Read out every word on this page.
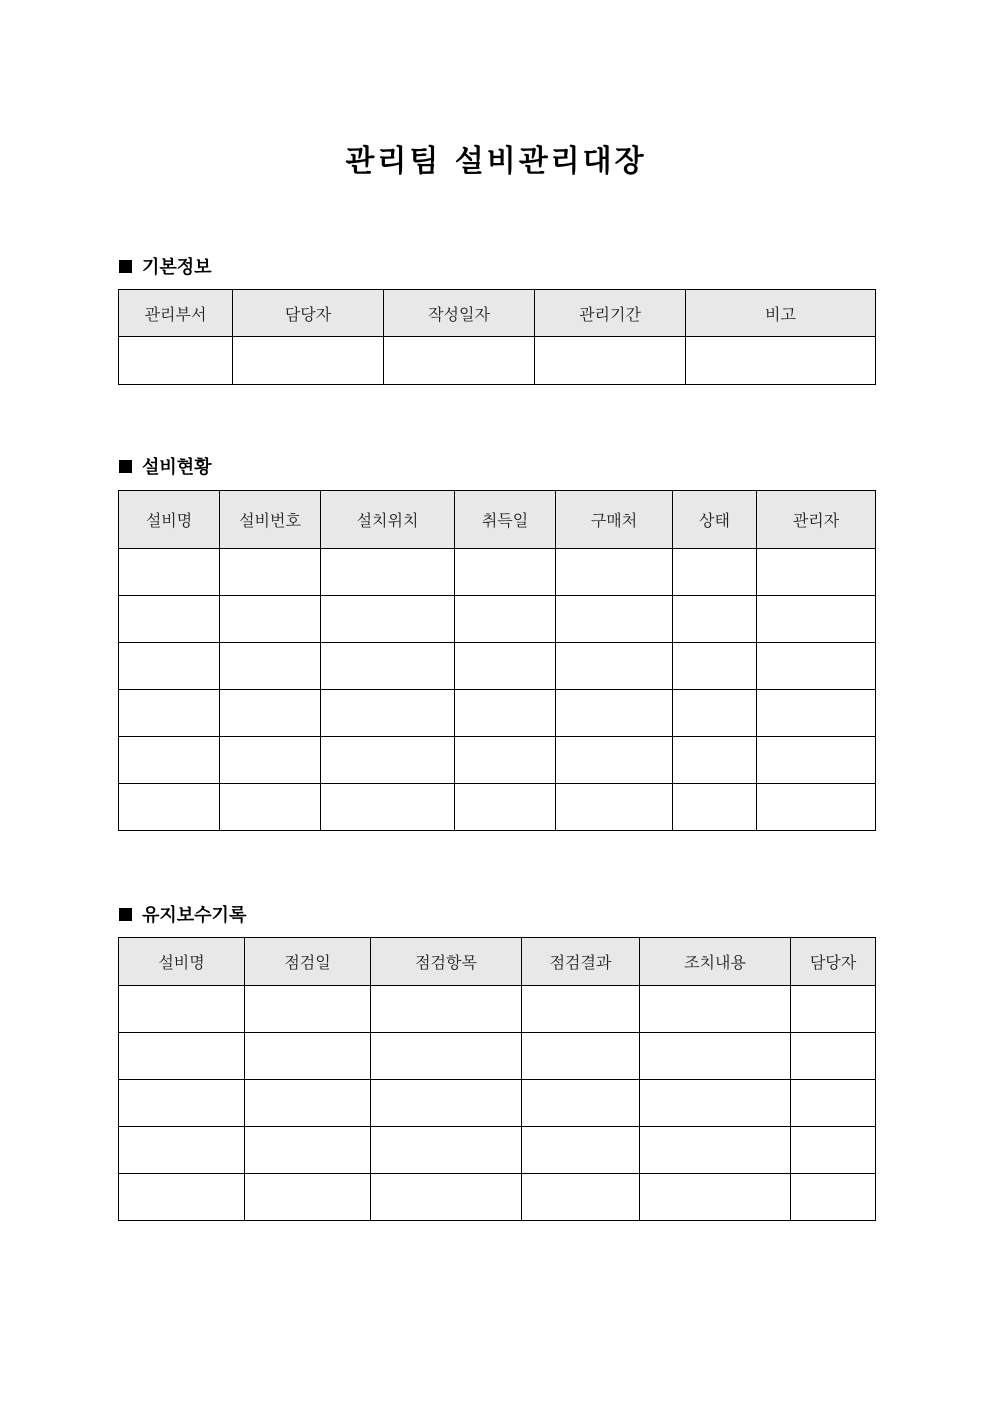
관리팀 설비관리대장
기본정보
관리부서	담당자	작성일자	관리기간	비고

설비현황
설비명	설비번호	설치위치	취득일	구매처	상태	관리자

유지보수기록
설비명	점검일	점검항목	점검결과	조치내용	담당자
